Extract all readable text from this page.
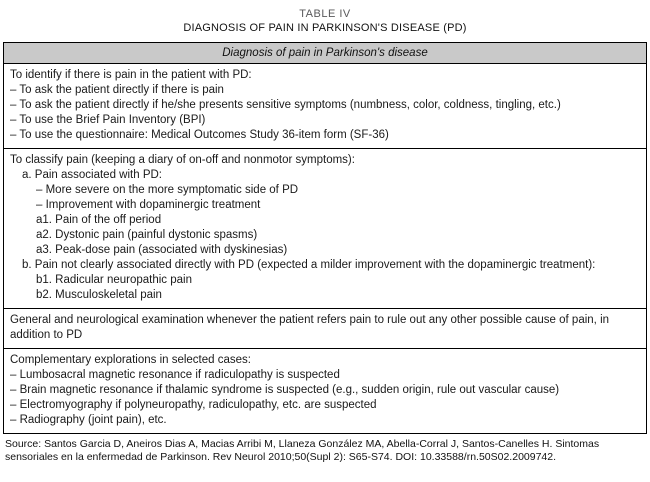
TABLE IV
DIAGNOSIS OF PAIN IN PARKINSON'S DISEASE (PD)
Diagnosis of pain in Parkinson's disease
To identify if there is pain in the patient with PD:
– To ask the patient directly if there is pain
– To ask the patient directly if he/she presents sensitive symptoms (numbness, color, coldness, tingling, etc.)
– To use the Brief Pain Inventory (BPI)
– To use the questionnaire: Medical Outcomes Study 36-item form (SF-36)
To classify pain (keeping a diary of on-off and nonmotor symptoms):
a. Pain associated with PD:
– More severe on the more symptomatic side of PD
– Improvement with dopaminergic treatment
a1. Pain of the off period
a2. Dystonic pain (painful dystonic spasms)
a3. Peak-dose pain (associated with dyskinesias)
b. Pain not clearly associated directly with PD (expected a milder improvement with the dopaminergic treatment):
b1. Radicular neuropathic pain
b2. Musculoskeletal pain
General and neurological examination whenever the patient refers pain to rule out any other possible cause of pain, in addition to PD
Complementary explorations in selected cases:
– Lumbosacral magnetic resonance if radiculopathy is suspected
– Brain magnetic resonance if thalamic syndrome is suspected (e.g., sudden origin, rule out vascular cause)
– Electromyography if polyneuropathy, radiculopathy, etc. are suspected
– Radiography (joint pain), etc.
Source: Santos Garcia D, Aneiros Dias A, Macias Arribi M, Llaneza González MA, Abella-Corral J, Santos-Canelles H. Sintomas sensoriales en la enfermedad de Parkinson. Rev Neurol 2010;50(Supl 2): S65-S74. DOI: 10.33588/rn.50S02.2009742.
